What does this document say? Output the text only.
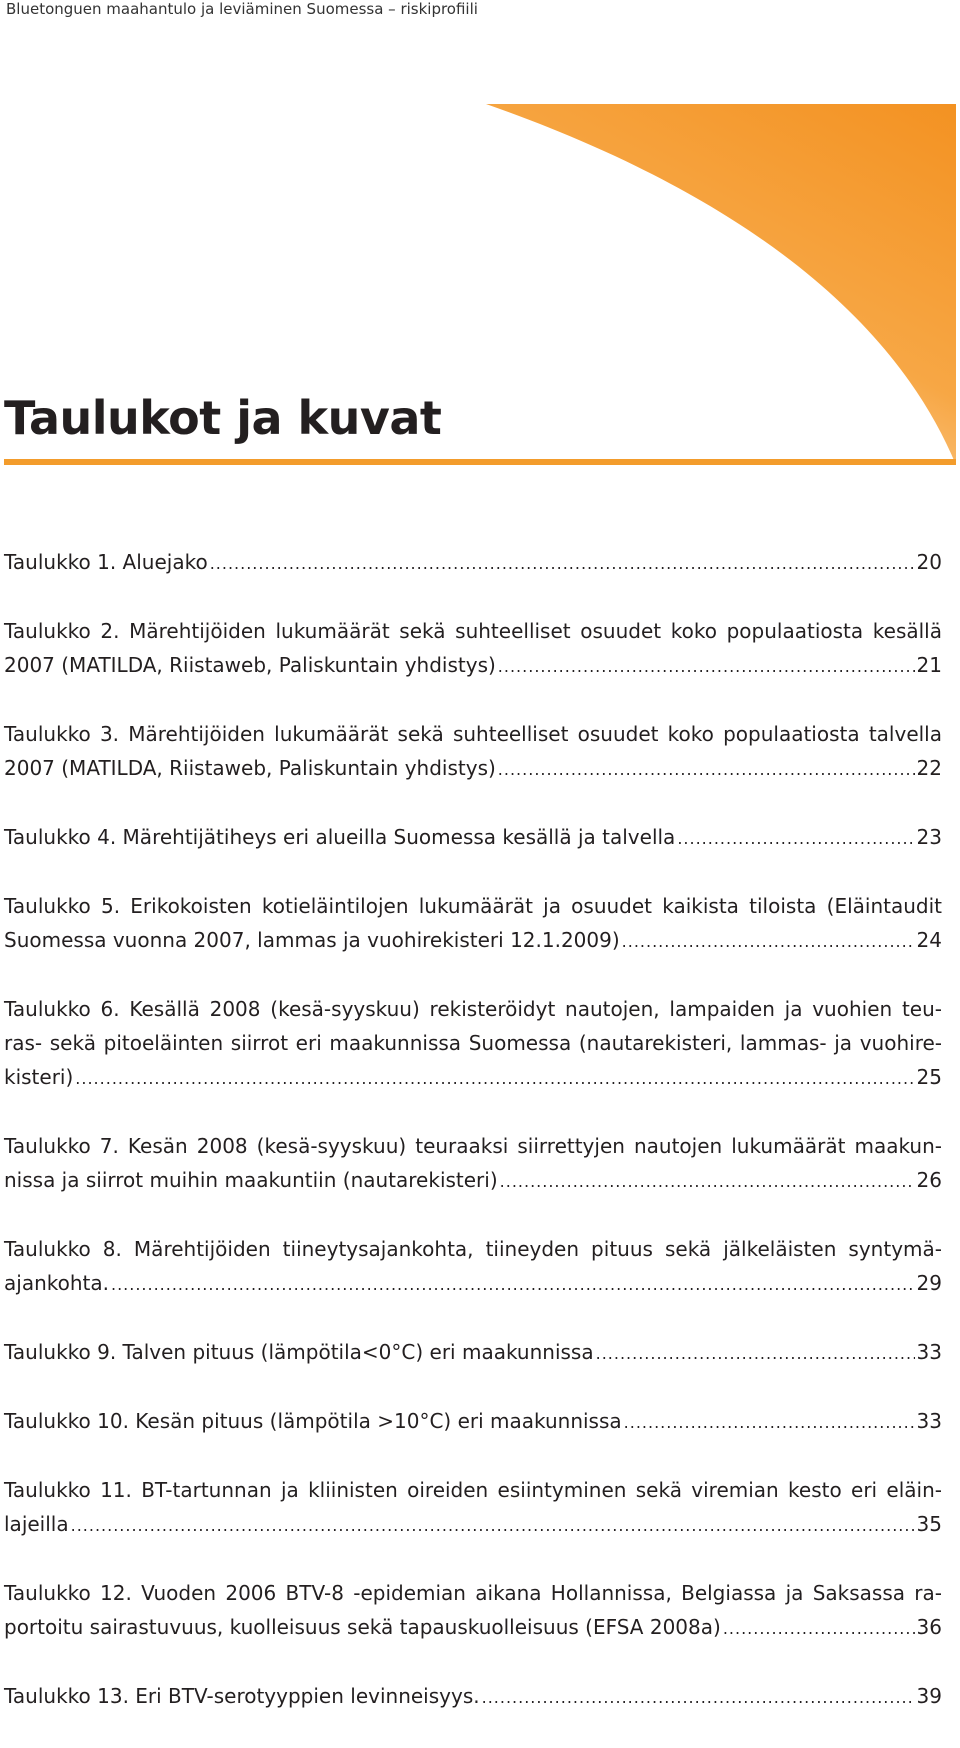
Bluetonguen maahantulo ja leviäminen Suomessa – riskiprofiili
Taulukot ja kuvat
Taulukko 1. Aluejako .....	20
Taulukko 2. Märehtijöiden lukumäärät sekä suhteelliset osuudet koko populaatiosta kesällä
2007 (MATILDA, Riistaweb, Paliskuntain yhdistys) .....	21
Taulukko 3. Märehtijöiden lukumäärät sekä suhteelliset osuudet koko populaatiosta talvella
2007 (MATILDA, Riistaweb, Paliskuntain yhdistys) .....	22
Taulukko 4. Märehtijätiheys eri alueilla Suomessa kesällä ja talvella .....	23
Taulukko 5. Erikokoisten kotieläintilojen lukumäärät ja osuudet kaikista tiloista (Eläintaudit
Suomessa vuonna 2007, lammas ja vuohirekisteri 12.1.2009) .....	24
Taulukko 6. Kesällä 2008 (kesä-syyskuu) rekisteröidyt nautojen, lampaiden ja vuohien teu-
ras- sekä pitoeläinten siirrot eri maakunnissa Suomessa (nautarekisteri, lammas- ja vuohire-
kisteri) .....	25
Taulukko 7. Kesän 2008 (kesä-syyskuu) teuraaksi siirrettyjen nautojen lukumäärät maakun-
nissa ja siirrot muihin maakuntiin (nautarekisteri) .....	26
Taulukko 8. Märehtijöiden tiineytysajankohta, tiineyden pituus sekä jälkeläisten syntymä-
ajankohta. .....	29
Taulukko 9. Talven pituus (lämpötila<0°C) eri maakunnissa .....	33
Taulukko 10. Kesän pituus (lämpötila >10°C) eri maakunnissa .....	33
Taulukko 11. BT-tartunnan ja kliinisten oireiden esiintyminen sekä viremian kesto eri eläin-
lajeilla .....	35
Taulukko 12. Vuoden 2006 BTV-8 -epidemian aikana Hollannissa, Belgiassa ja Saksassa ra-
portoitu sairastuvuus, kuolleisuus sekä tapauskuolleisuus (EFSA 2008a) .....	36
Taulukko 13. Eri BTV-serotyyppien levinneisyys. .....	39
